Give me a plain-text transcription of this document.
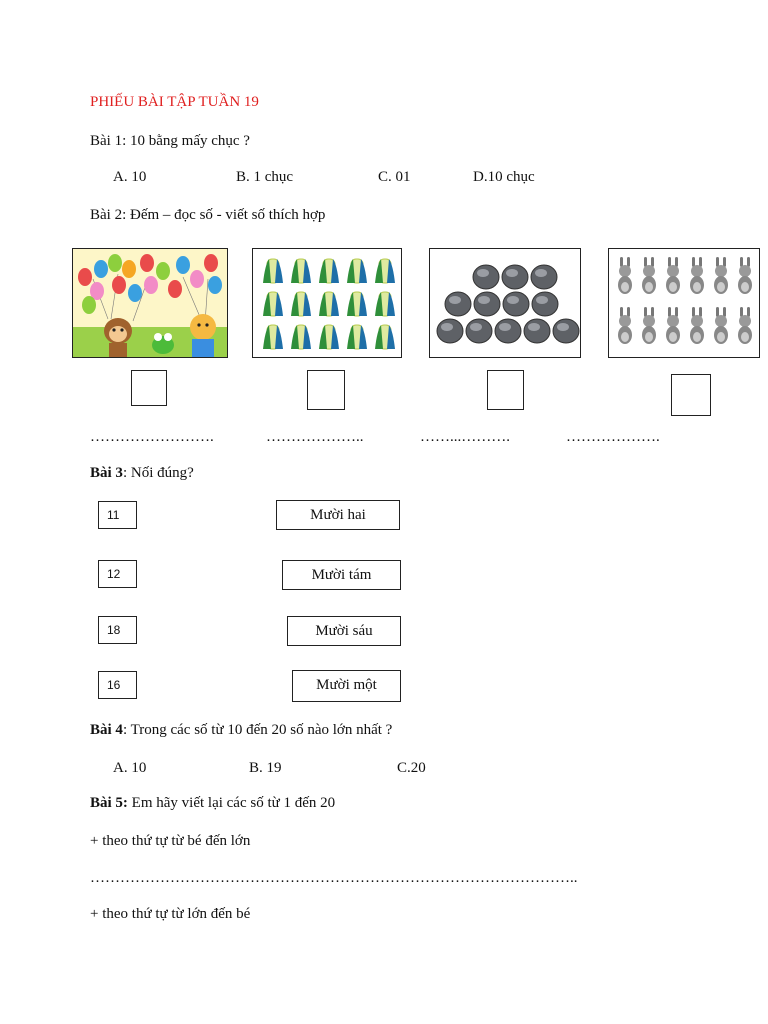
PHIẾU BÀI TẬP TUẦN 19
Bài 1: 10 bằng mấy chục ?
A. 10	B. 1 chục	C. 01	D.10 chục
Bài 2: Đếm – đọc số - viết số thích hợp
…………………….	………………..	……...……….	……………….
Bài 3: Nối đúng?
11
12
18
16
Mười hai
Mười tám
Mười sáu
Mười một
Bài 4: Trong các số từ 10 đến 20 số nào lớn nhất ?
A. 10	B. 19	C.20
Bài 5: Em hãy viết lại các số từ 1 đến 20
+ theo thứ tự từ bé đến lớn
……………………………………………………………………………………..
+ theo thứ tự từ lớn đến bé
